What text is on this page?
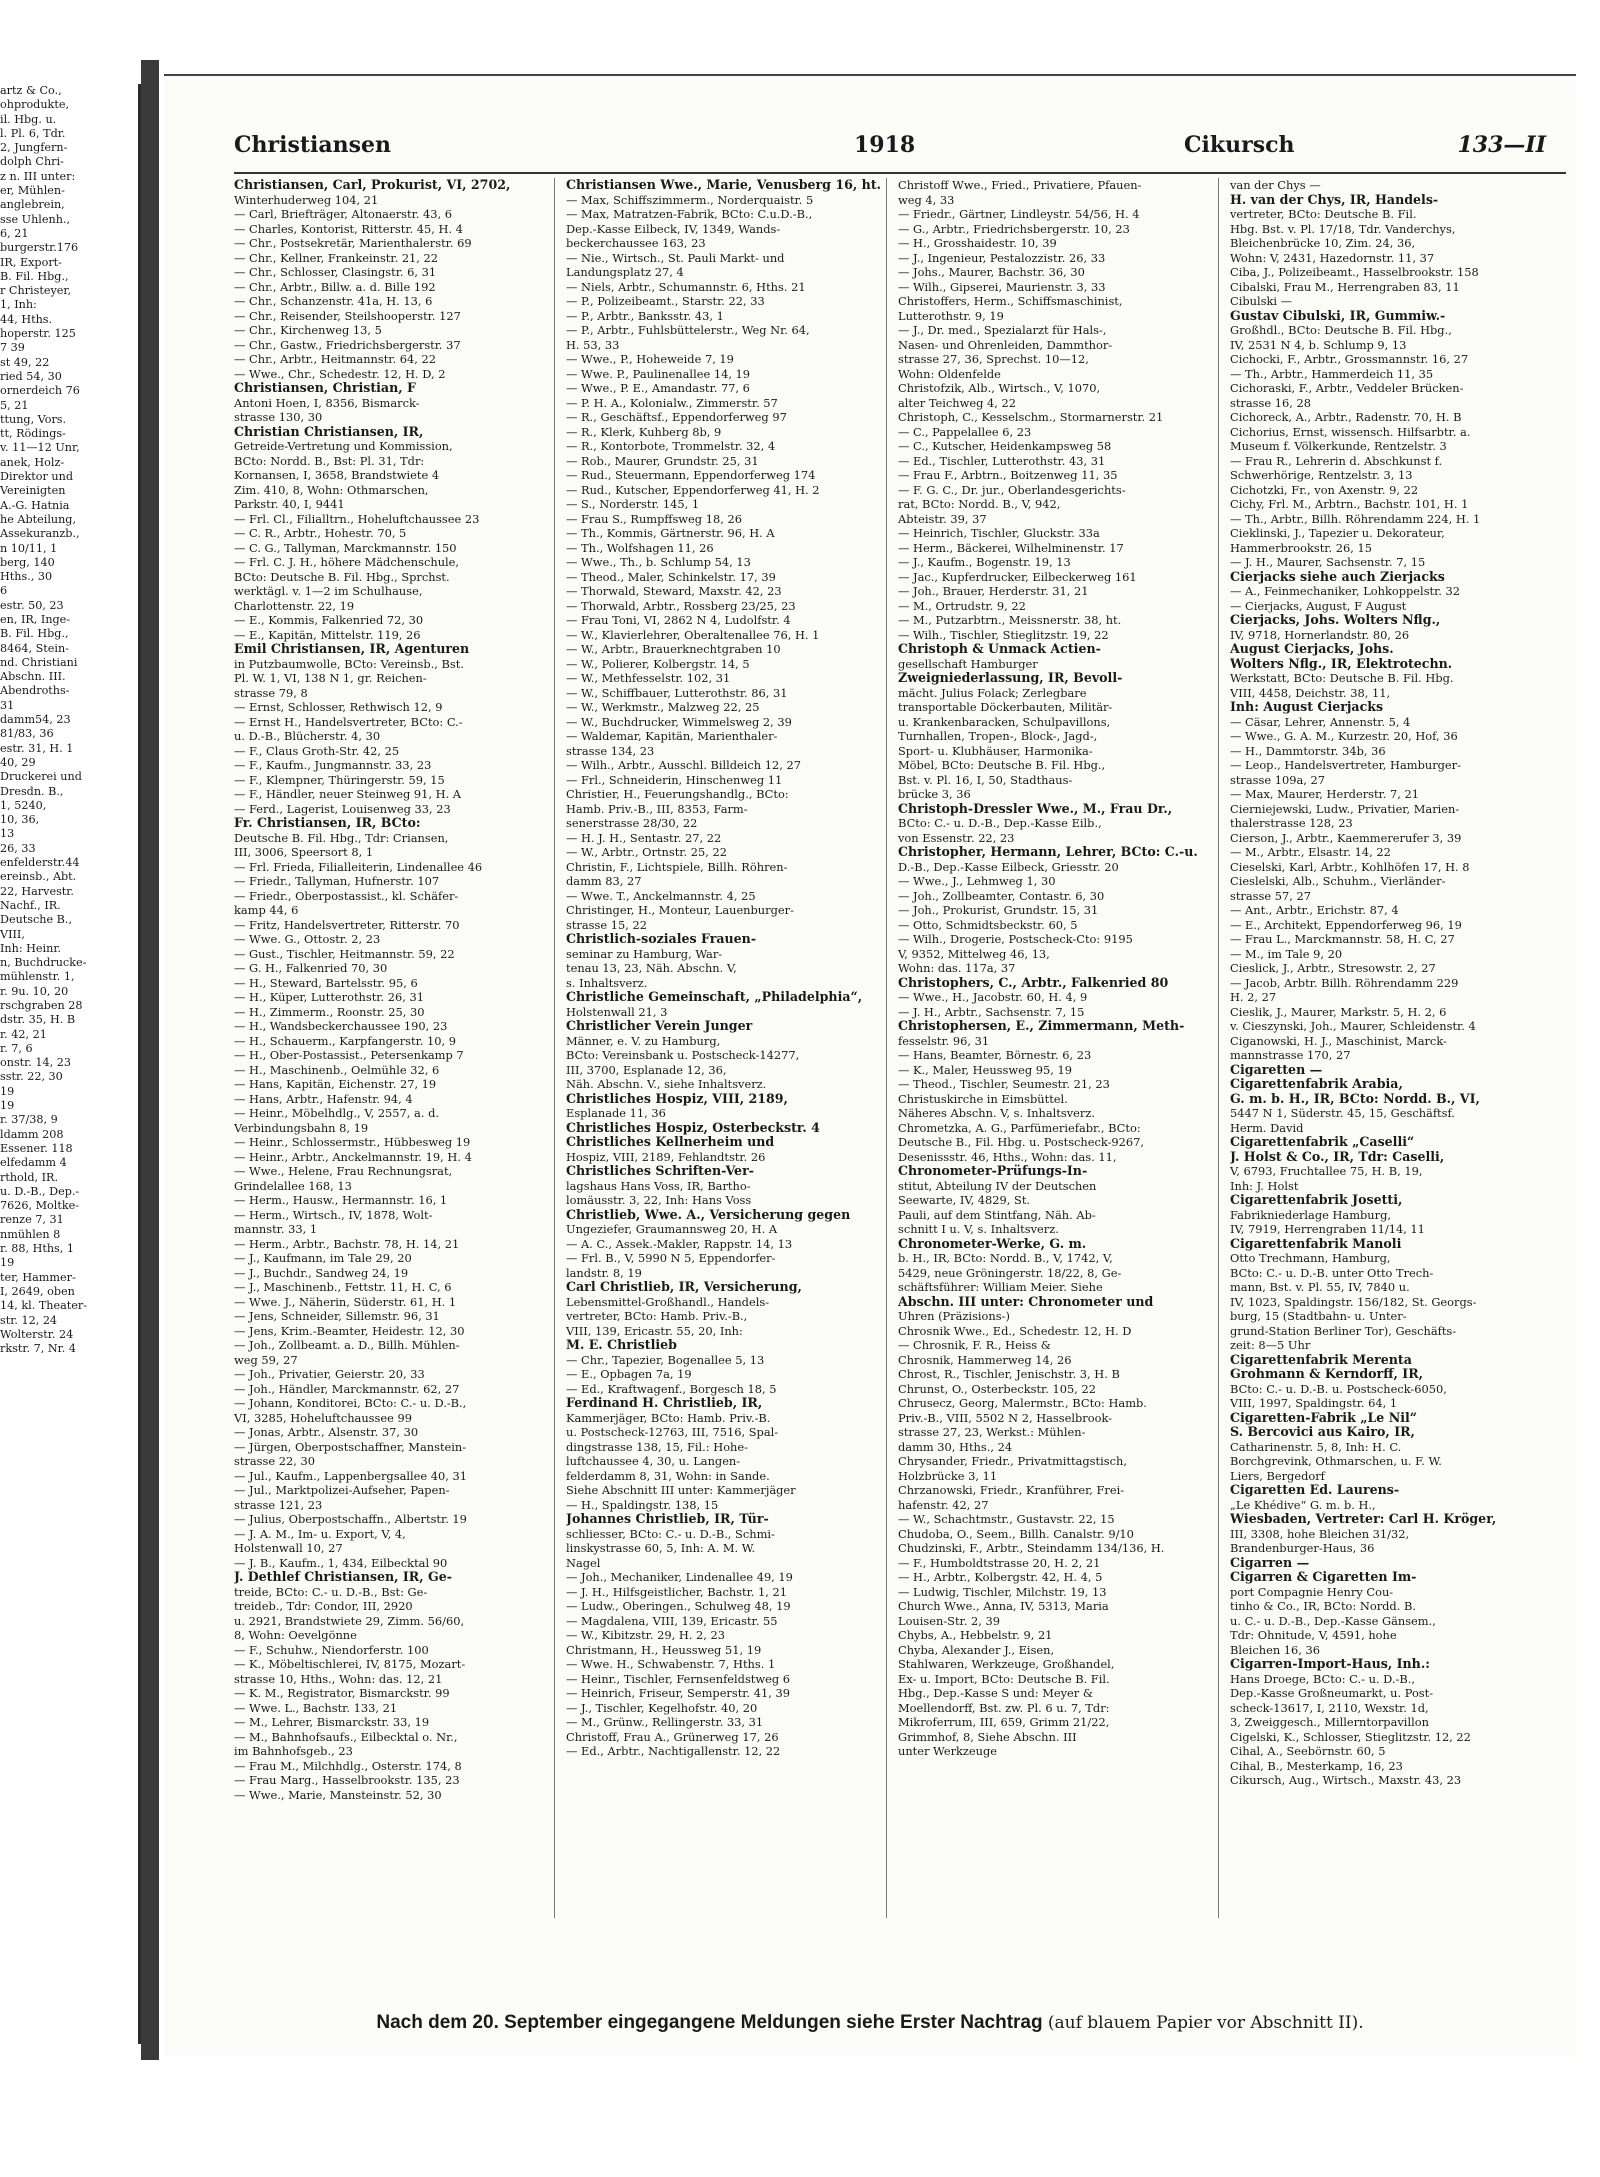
artz & Co.,
ohprodukte,
il. Hbg. u.
l. Pl. 6, Tdr.
2, Jungfern-
dolph Chri-
z n. III unter:
er, Mühlen-
anglebrein,
sse Uhlenh.,
6, 21
burgerstr.176
IR, Export-
B. Fil. Hbg.,
r Christeyer,
1, Inh:
44, Hths.
hoperstr. 125
7 39
st 49, 22
ried 54, 30
ornerdeich 76
5, 21
ttung, Vors.
tt, Rödings-
v. 11—12 Unr,
anek, Holz-
Direktor und
Vereinigten
A.-G. Hatnia
he Abteilung,
Assekuranzb.,
n 10/11, 1
berg, 140
Hths., 30
6
estr. 50, 23
en, IR, Inge-
B. Fil. Hbg.,
8464, Stein-
nd. Christiani
Abschn. III.
Abendroths-
31
damm54, 23
81/83, 36
estr. 31, H. 1
40, 29
Druckerei und
Dresdn. B.,
1, 5240,
10, 36,
13
26, 33
enfelderstr.44
ereinsb., Abt.
22, Harvestr.
Nachf., IR.
Deutsche B.,
VIII,
Inh: Heinr.
n, Buchdrucke-
mühlenstr. 1,
r. 9u. 10, 20
rschgraben 28
dstr. 35, H. B
r. 42, 21
r. 7, 6
onstr. 14, 23
sstr. 22, 30
19
19
r. 37/38, 9
ldamm 208
Essener. 118
elfedamm 4
rthold, IR.
u. D.-B., Dep.-
7626, Moltke-
renze 7, 31
nmühlen 8
r. 88, Hths, 1
19
ter, Hammer-
I, 2649, oben
14, kl. Theater-
str. 12, 24
Wolterstr. 24
rkstr. 7, Nr. 4
Christiansen	1918	Cikursch	133—II
Christiansen, Carl, Prokurist, VI, 2702,
Winterhuderweg 104, 21
— Carl, Briefträger, Altonaerstr. 43, 6
— Charles, Kontorist, Ritterstr. 45, H. 4
— Chr., Postsekretär, Marienthalerstr. 69
— Chr., Kellner, Frankeinstr. 21, 22
— Chr., Schlosser, Clasingstr. 6, 31
— Chr., Arbtr., Billw. a. d. Bille 192
— Chr., Schanzenstr. 41a, H. 13, 6
— Chr., Reisender, Steilshooperstr. 127
— Chr., Kirchenweg 13, 5
— Chr., Gastw., Friedrichsbergerstr. 37
— Chr., Arbtr., Heitmannstr. 64, 22
— Wwe., Chr., Schedestr. 12, H. D, 2
Christiansen, Christian, F
Antoni Hoen, I, 8356, Bismarck-
strasse 130, 30
Christian Christiansen, IR,
Getreide-Vertretung und Kommission,
BCto: Nordd. B., Bst: Pl. 31, Tdr:
Kornansen, I, 3658, Brandstwiete 4
Zim. 410, 8, Wohn: Othmarschen,
Parkstr. 40, I, 9441
— Frl. Cl., Filialltrn., Hoheluftchaussee 23
— C. R., Arbtr., Hohestr. 70, 5
— C. G., Tallyman, Marckmannstr. 150
— Frl. C. J. H., höhere Mädchenschule,
BCto: Deutsche B. Fil. Hbg., Sprchst.
werktägl. v. 1—2 im Schulhause,
Charlottenstr. 22, 19
— E., Kommis, Falkenried 72, 30
— E., Kapitän, Mittelstr. 119, 26
Emil Christiansen, IR, Agenturen
in Putzbaumwolle, BCto: Vereinsb., Bst.
Pl. W. 1, VI, 138 N 1, gr. Reichen-
strasse 79, 8
— Ernst, Schlosser, Rethwisch 12, 9
— Ernst H., Handelsvertreter, BCto: C.-
u. D.-B., Blücherstr. 4, 30
— F., Claus Groth-Str. 42, 25
— F., Kaufm., Jungmannstr. 33, 23
— F., Klempner, Thüringerstr. 59, 15
— F., Händler, neuer Steinweg 91, H. A
— Ferd., Lagerist, Louisenweg 33, 23
Fr. Christiansen, IR, BCto:
Deutsche B. Fil. Hbg., Tdr: Criansen,
III, 3006, Speersort 8, 1
— Frl. Frieda, Filialleiterin, Lindenallee 46
— Friedr., Tallyman, Hufnerstr. 107
— Friedr., Oberpostassist., kl. Schäfer-
kamp 44, 6
— Fritz, Handelsvertreter, Ritterstr. 70
— Wwe. G., Ottostr. 2, 23
— Gust., Tischler, Heitmannstr. 59, 22
— G. H., Falkenried 70, 30
— H., Steward, Bartelsstr. 95, 6
— H., Küper, Lutterothstr. 26, 31
— H., Zimmerm., Roonstr. 25, 30
— H., Wandsbeckerchaussee 190, 23
— H., Schauerm., Karpfangerstr. 10, 9
— H., Ober-Postassist., Petersenkamp 7
— H., Maschinenb., Oelmühle 32, 6
— Hans, Kapitän, Eichenstr. 27, 19
— Hans, Arbtr., Hafenstr. 94, 4
— Heinr., Möbelhdlg., V, 2557, a. d.
Verbindungsbahn 8, 19
— Heinr., Schlossermstr., Hübbesweg 19
— Heinr., Arbtr., Anckelmannstr. 19, H. 4
— Wwe., Helene, Frau Rechnungsrat,
Grindelallee 168, 13
— Herm., Hausw., Hermannstr. 16, 1
— Herm., Wirtsch., IV, 1878, Wolt-
mannstr. 33, 1
— Herm., Arbtr., Bachstr. 78, H. 14, 21
— J., Kaufmann, im Tale 29, 20
— J., Buchdr., Sandweg 24, 19
— J., Maschinenb., Fettstr. 11, H. C, 6
— Wwe. J., Näherin, Süderstr. 61, H. 1
— Jens, Schneider, Sillemstr. 96, 31
— Jens, Krim.-Beamter, Heidestr. 12, 30
— Joh., Zollbeamt. a. D., Billh. Mühlen-
weg 59, 27
— Joh., Privatier, Geierstr. 20, 33
— Joh., Händler, Marckmannstr. 62, 27
— Johann, Konditorei, BCto: C.- u. D.-B.,
VI, 3285, Hoheluftchaussee 99
— Jonas, Arbtr., Alsenstr. 37, 30
— Jürgen, Oberpostschaffner, Manstein-
strasse 22, 30
— Jul., Kaufm., Lappenbergsallee 40, 31
— Jul., Marktpolizei-Aufseher, Papen-
strasse 121, 23
— Julius, Oberpostschaffn., Albertstr. 19
— J. A. M., Im- u. Export, V, 4,
Holstenwall 10, 27
— J. B., Kaufm., 1, 434, Eilbecktal 90
J. Dethlef Christiansen, IR, Ge-
treide, BCto: C.- u. D.-B., Bst: Ge-
treideb., Tdr: Condor, III, 2920
u. 2921, Brandstwiete 29, Zimm. 56/60,
8, Wohn: Oevelgönne
— F., Schuhw., Niendorferstr. 100
— K., Möbeltischlerei, IV, 8175, Mozart-
strasse 10, Hths., Wohn: das. 12, 21
— K. M., Registrator, Bismarckstr. 99
— Wwe. L., Bachstr. 133, 21
— M., Lehrer, Bismarckstr. 33, 19
— M., Bahnhofsaufs., Eilbecktal o. Nr.,
im Bahnhofsgeb., 23
— Frau M., Milchhdlg., Osterstr. 174, 8
— Frau Marg., Hasselbrookstr. 135, 23
— Wwe., Marie, Mansteinstr. 52, 30
Christiansen Wwe., Marie, Venusberg 16, ht.
— Max, Schiffszimmerm., Norderquaistr. 5
— Max, Matratzen-Fabrik, BCto: C.u.D.-B.,
Dep.-Kasse Eilbeck, IV, 1349, Wands-
beckerchaussee 163, 23
— Nie., Wirtsch., St. Pauli Markt- und
Landungsplatz 27, 4
— Niels, Arbtr., Schumannstr. 6, Hths. 21
— P., Polizeibeamt., Starstr. 22, 33
— P., Arbtr., Banksstr. 43, 1
— P., Arbtr., Fuhlsbüttelerstr., Weg Nr. 64,
H. 53, 33
— Wwe., P., Hoheweide 7, 19
— Wwe. P., Paulinenallee 14, 19
— Wwe., P. E., Amandastr. 77, 6
— P. H. A., Kolonialw., Zimmerstr. 57
— R., Geschäftsf., Eppendorferweg 97
— R., Klerk, Kuhberg 8b, 9
— R., Kontorbote, Trommelstr. 32, 4
— Rob., Maurer, Grundstr. 25, 31
— Rud., Steuermann, Eppendorferweg 174
— Rud., Kutscher, Eppendorferweg 41, H. 2
— S., Norderstr. 145, 1
— Frau S., Rumpffsweg 18, 26
— Th., Kommis, Gärtnerstr. 96, H. A
— Th., Wolfshagen 11, 26
— Wwe., Th., b. Schlump 54, 13
— Theod., Maler, Schinkelstr. 17, 39
— Thorwald, Steward, Maxstr. 42, 23
— Thorwald, Arbtr., Rossberg 23/25, 23
— Frau Toni, VI, 2862 N 4, Ludolfstr. 4
— W., Klavierlehrer, Oberaltenallee 76, H. 1
— W., Arbtr., Brauerknechtgraben 10
— W., Polierer, Kolbergstr. 14, 5
— W., Methfesselstr. 102, 31
— W., Schiffbauer, Lutterothstr. 86, 31
— W., Werkmstr., Malzweg 22, 25
— W., Buchdrucker, Wimmelsweg 2, 39
— Waldemar, Kapitän, Marienthaler-
strasse 134, 23
— Wilh., Arbtr., Ausschl. Billdeich 12, 27
— Frl., Schneiderin, Hinschenweg 11
Christier, H., Feuerungshandlg., BCto:
Hamb. Priv.-B., III, 8353, Farm-
senerstrasse 28/30, 22
— H. J. H., Sentastr. 27, 22
— W., Arbtr., Ortnstr. 25, 22
Christin, F., Lichtspiele, Billh. Röhren-
damm 83, 27
— Wwe. T., Anckelmannstr. 4, 25
Christinger, H., Monteur, Lauenburger-
strasse 15, 22
Christlich-soziales Frauen-
seminar zu Hamburg, War-
tenau 13, 23, Näh. Abschn. V,
s. Inhaltsverz.
Christliche Gemeinschaft, „Philadelphia“,
Holstenwall 21, 3
Christlicher Verein Junger
Männer, e. V. zu Hamburg,
BCto: Vereinsbank u. Postscheck-14277,
III, 3700, Esplanade 12, 36,
Näh. Abschn. V., siehe Inhaltsverz.
Christliches Hospiz, VIII, 2189,
Esplanade 11, 36
Christliches Hospiz, Osterbeckstr. 4
Christliches Kellnerheim und
Hospiz, VIII, 2189, Fehlandtstr. 26
Christliches Schriften-Ver-
lagshaus Hans Voss, IR, Bartho-
lomäusstr. 3, 22, Inh: Hans Voss
Christlieb, Wwe. A., Versicherung gegen
Ungeziefer, Graumannsweg 20, H. A
— A. C., Assek.-Makler, Rappstr. 14, 13
— Frl. B., V, 5990 N 5, Eppendorfer-
landstr. 8, 19
Carl Christlieb, IR, Versicherung,
Lebensmittel-Großhandl., Handels-
vertreter, BCto: Hamb. Priv.-B.,
VIII, 139, Ericastr. 55, 20, Inh:
M. E. Christlieb
— Chr., Tapezier, Bogenallee 5, 13
— E., Opbagen 7a, 19
— Ed., Kraftwagenf., Borgesch 18, 5
Ferdinand H. Christlieb, IR,
Kammerjäger, BCto: Hamb. Priv.-B.
u. Postscheck-12763, III, 7516, Spal-
dingstrasse 138, 15, Fil.: Hohe-
luftchaussee 4, 30, u. Langen-
felderdamm 8, 31, Wohn: in Sande.
Siehe Abschnitt III unter: Kammerjäger
— H., Spaldingstr. 138, 15
Johannes Christlieb, IR, Tür-
schliesser, BCto: C.- u. D.-B., Schmi-
linskystrasse 60, 5, Inh: A. M. W.
Nagel
— Joh., Mechaniker, Lindenallee 49, 19
— J. H., Hilfsgeistlicher, Bachstr. 1, 21
— Ludw., Oberingen., Schulweg 48, 19
— Magdalena, VIII, 139, Ericastr. 55
— W., Kibitzstr. 29, H. 2, 23
Christmann, H., Heussweg 51, 19
— Wwe. H., Schwabenstr. 7, Hths. 1
— Heinr., Tischler, Fernsenfeldstweg 6
— Heinrich, Friseur, Semperstr. 41, 39
— J., Tischler, Kegelhofstr. 40, 20
— M., Grünw., Rellingerstr. 33, 31
Christoff, Frau A., Grünerweg 17, 26
— Ed., Arbtr., Nachtigallenstr. 12, 22
Christoff Wwe., Fried., Privatiere, Pfauen-
weg 4, 33
— Friedr., Gärtner, Lindleystr. 54/56, H. 4
— G., Arbtr., Friedrichsbergerstr. 10, 23
— H., Grosshaidestr. 10, 39
— J., Ingenieur, Pestalozzistr. 26, 33
— Johs., Maurer, Bachstr. 36, 30
— Wilh., Gipserei, Maurienstr. 3, 33
Christoffers, Herm., Schiffsmaschinist,
Lutterothstr. 9, 19
— J., Dr. med., Spezialarzt für Hals-,
Nasen- und Ohrenleiden, Dammthor-
strasse 27, 36, Sprechst. 10—12,
Wohn: Oldenfelde
Christofzik, Alb., Wirtsch., V, 1070,
alter Teichweg 4, 22
Christoph, C., Kesselschm., Stormarnerstr. 21
— C., Pappelallee 6, 23
— C., Kutscher, Heidenkampsweg 58
— Ed., Tischler, Lutterothstr. 43, 31
— Frau F., Arbtrn., Boitzenweg 11, 35
— F. G. C., Dr. jur., Oberlandesgerichts-
rat, BCto: Nordd. B., V, 942,
Abteistr. 39, 37
— Heinrich, Tischler, Gluckstr. 33a
— Herm., Bäckerei, Wilhelminenstr. 17
— J., Kaufm., Bogenstr. 19, 13
— Jac., Kupferdrucker, Eilbeckerweg 161
— Joh., Brauer, Herderstr. 31, 21
— M., Ortrudstr. 9, 22
— M., Putzarbtrn., Meissnerstr. 38, ht.
— Wilh., Tischler, Stieglitzstr. 19, 22
Christoph & Unmack Actien-
gesellschaft Hamburger
Zweigniederlassung, IR, Bevoll-
mächt. Julius Folack; Zerlegbare
transportable Döckerbauten, Militär-
u. Krankenbaracken, Schulpavillons,
Turnhallen, Tropen-, Block-, Jagd-,
Sport- u. Klubhäuser, Harmonika-
Möbel, BCto: Deutsche B. Fil. Hbg.,
Bst. v. Pl. 16, I, 50, Stadthaus-
brücke 3, 36
Christoph-Dressler Wwe., M., Frau Dr.,
BCto: C.- u. D.-B., Dep.-Kasse Eilb.,
von Essenstr. 22, 23
Christopher, Hermann, Lehrer, BCto: C.-u.
D.-B., Dep.-Kasse Eilbeck, Griesstr. 20
— Wwe., J., Lehmweg 1, 30
— Joh., Zollbeamter, Contastr. 6, 30
— Joh., Prokurist, Grundstr. 15, 31
— Otto, Schmidtsbeckstr. 60, 5
— Wilh., Drogerie, Postscheck-Cto: 9195
V, 9352, Mittelweg 46, 13,
Wohn: das. 117a, 37
Christophers, C., Arbtr., Falkenried 80
— Wwe., H., Jacobstr. 60, H. 4, 9
— J. H., Arbtr., Sachsenstr. 7, 15
Christophersen, E., Zimmermann, Meth-
fesselstr. 96, 31
— Hans, Beamter, Börnestr. 6, 23
— K., Maler, Heussweg 95, 19
— Theod., Tischler, Seumestr. 21, 23
Christuskirche in Eimsbüttel.
Näheres Abschn. V, s. Inhaltsverz.
Chrometzka, A. G., Parfümeriefabr., BCto:
Deutsche B., Fil. Hbg. u. Postscheck-9267,
Desenissstr. 46, Hths., Wohn: das. 11,
Chronometer-Prüfungs-In-
stitut, Abteilung IV der Deutschen
Seewarte, IV, 4829, St.
Pauli, auf dem Stintfang, Näh. Ab-
schnitt I u. V, s. Inhaltsverz.
Chronometer-Werke, G. m.
b. H., IR, BCto: Nordd. B., V, 1742, V,
5429, neue Gröningerstr. 18/22, 8, Ge-
schäftsführer: William Meier. Siehe
Abschn. III unter: Chronometer und
Uhren (Präzisions-)
Chrosnik Wwe., Ed., Schedestr. 12, H. D
— Chrosnik, F. R., Heiss &
Chrosnik, Hammerweg 14, 26
Chrost, R., Tischler, Jenischstr. 3, H. B
Chrunst, O., Osterbeckstr. 105, 22
Chrusecz, Georg, Malermstr., BCto: Hamb.
Priv.-B., VIII, 5502 N 2, Hasselbrook-
strasse 27, 23, Werkst.: Mühlen-
damm 30, Hths., 24
Chrysander, Friedr., Privatmittagstisch,
Holzbrücke 3, 11
Chrzanowski, Friedr., Kranführer, Frei-
hafenstr. 42, 27
— W., Schachtmstr., Gustavstr. 22, 15
Chudoba, O., Seem., Billh. Canalstr. 9/10
Chudzinski, F., Arbtr., Steindamm 134/136, H.
— F., Humboldtstrasse 20, H. 2, 21
— H., Arbtr., Kolbergstr. 42, H. 4, 5
— Ludwig, Tischler, Milchstr. 19, 13
Church Wwe., Anna, IV, 5313, Maria
Louisen-Str. 2, 39
Chybs, A., Hebbelstr. 9, 21
Chyba, Alexander J., Eisen,
Stahlwaren, Werkzeuge, Großhandel,
Ex- u. Import, BCto: Deutsche B. Fil.
Hbg., Dep.-Kasse S und: Meyer &
Moellendorff, Bst. zw. Pl. 6 u. 7, Tdr:
Mikroferrum, III, 659, Grimm 21/22,
Grimmhof, 8, Siehe Abschn. III
unter Werkzeuge
van der Chys —
H. van der Chys, IR, Handels-
vertreter, BCto: Deutsche B. Fil.
Hbg. Bst. v. Pl. 17/18, Tdr. Vanderchys,
Bleichenbrücke 10, Zim. 24, 36,
Wohn: V, 2431, Hazedornstr. 11, 37
Ciba, J., Polizeibeamt., Hasselbrookstr. 158
Cibalski, Frau M., Herrengraben 83, 11
Cibulski —
Gustav Cibulski, IR, Gummiw.-
Großhdl., BCto: Deutsche B. Fil. Hbg.,
IV, 2531 N 4, b. Schlump 9, 13
Cichocki, F., Arbtr., Grossmannstr. 16, 27
— Th., Arbtr., Hammerdeich 11, 35
Cichoraski, F., Arbtr., Veddeler Brücken-
strasse 16, 28
Cichoreck, A., Arbtr., Radenstr. 70, H. B
Cichorius, Ernst, wissensch. Hilfsarbtr. a.
Museum f. Völkerkunde, Rentzelstr. 3
— Frau R., Lehrerin d. Abschkunst f.
Schwerhörige, Rentzelstr. 3, 13
Cichotzki, Fr., von Axenstr. 9, 22
Cichy, Frl. M., Arbtrn., Bachstr. 101, H. 1
— Th., Arbtr., Billh. Röhrendamm 224, H. 1
Cieklinski, J., Tapezier u. Dekorateur,
Hammerbrookstr. 26, 15
— J. H., Maurer, Sachsenstr. 7, 15
Cierjacks siehe auch Zierjacks
— A., Feinmechaniker, Lohkoppelstr. 32
— Cierjacks, August, F August
Cierjacks, Johs. Wolters Nflg.,
IV, 9718, Hornerlandstr. 80, 26
August Cierjacks, Johs.
Wolters Nflg., IR, Elektrotechn.
Werkstatt, BCto: Deutsche B. Fil. Hbg.
VIII, 4458, Deichstr. 38, 11,
Inh: August Cierjacks
— Cäsar, Lehrer, Annenstr. 5, 4
— Wwe., G. A. M., Kurzestr. 20, Hof, 36
— H., Dammtorstr. 34b, 36
— Leop., Handelsvertreter, Hamburger-
strasse 109a, 27
— Max, Maurer, Herderstr. 7, 21
Cierniejewski, Ludw., Privatier, Marien-
thalerstrasse 128, 23
Cierson, J., Arbtr., Kaemmererufer 3, 39
— M., Arbtr., Elsastr. 14, 22
Cieselski, Karl, Arbtr., Kohlhöfen 17, H. 8
Cieslelski, Alb., Schuhm., Vierländer-
strasse 57, 27
— Ant., Arbtr., Erichstr. 87, 4
— E., Architekt, Eppendorferweg 96, 19
— Frau L., Marckmannstr. 58, H. C, 27
— M., im Tale 9, 20
Cieslick, J., Arbtr., Stresowstr. 2, 27
— Jacob, Arbtr. Billh. Röhrendamm 229
H. 2, 27
Cieslik, J., Maurer, Markstr. 5, H. 2, 6
v. Cieszynski, Joh., Maurer, Schleidenstr. 4
Ciganowski, H. J., Maschinist, Marck-
mannstrasse 170, 27
Cigaretten —
Cigarettenfabrik Arabia,
G. m. b. H., IR, BCto: Nordd. B., VI,
5447 N 1, Süderstr. 45, 15, Geschäftsf.
Herm. David
Cigarettenfabrik „Caselli“
J. Holst & Co., IR, Tdr: Caselli,
V, 6793, Fruchtallee 75, H. B, 19,
Inh: J. Holst
Cigarettenfabrik Josetti,
Fabrikniederlage Hamburg,
IV, 7919, Herrengraben 11/14, 11
Cigarettenfabrik Manoli
Otto Trechmann, Hamburg,
BCto: C.- u. D.-B. unter Otto Trech-
mann, Bst. v. Pl. 55, IV, 7840 u.
IV, 1023, Spaldingstr. 156/182, St. Georgs-
burg, 15 (Stadtbahn- u. Unter-
grund-Station Berliner Tor), Geschäfts-
zeit: 8—5 Uhr
Cigarettenfabrik Merenta
Grohmann & Kerndorff, IR,
BCto: C.- u. D.-B. u. Postscheck-6050,
VIII, 1997, Spaldingstr. 64, 1
Cigaretten-Fabrik „Le Nil“
S. Bercovici aus Kairo, IR,
Catharinenstr. 5, 8, Inh: H. C.
Borchgrevink, Othmarschen, u. F. W.
Liers, Bergedorf
Cigaretten Ed. Laurens-
„Le Khédive“ G. m. b. H.,
Wiesbaden, Vertreter: Carl H. Kröger,
III, 3308, hohe Bleichen 31/32,
Brandenburger-Haus, 36
Cigarren —
Cigarren & Cigaretten Im-
port Compagnie Henry Cou-
tinho & Co., IR, BCto: Nordd. B.
u. C.- u. D.-B., Dep.-Kasse Gänsem.,
Tdr: Ohnitude, V, 4591, hohe
Bleichen 16, 36
Cigarren-Import-Haus, Inh.:
Hans Droege, BCto: C.- u. D.-B.,
Dep.-Kasse Großneumarkt, u. Post-
scheck-13617, I, 2110, Wexstr. 1d,
3, Zweiggesch., Millerntorpavillon
Cigelski, K., Schlosser, Stieglitzstr. 12, 22
Cihal, A., Seebörnstr. 60, 5
Cihal, B., Mesterkamp, 16, 23
Cikursch, Aug., Wirtsch., Maxstr. 43, 23
Nach dem 20. September eingegangene Meldungen siehe Erster Nachtrag (auf blauem Papier vor Abschnitt II).
